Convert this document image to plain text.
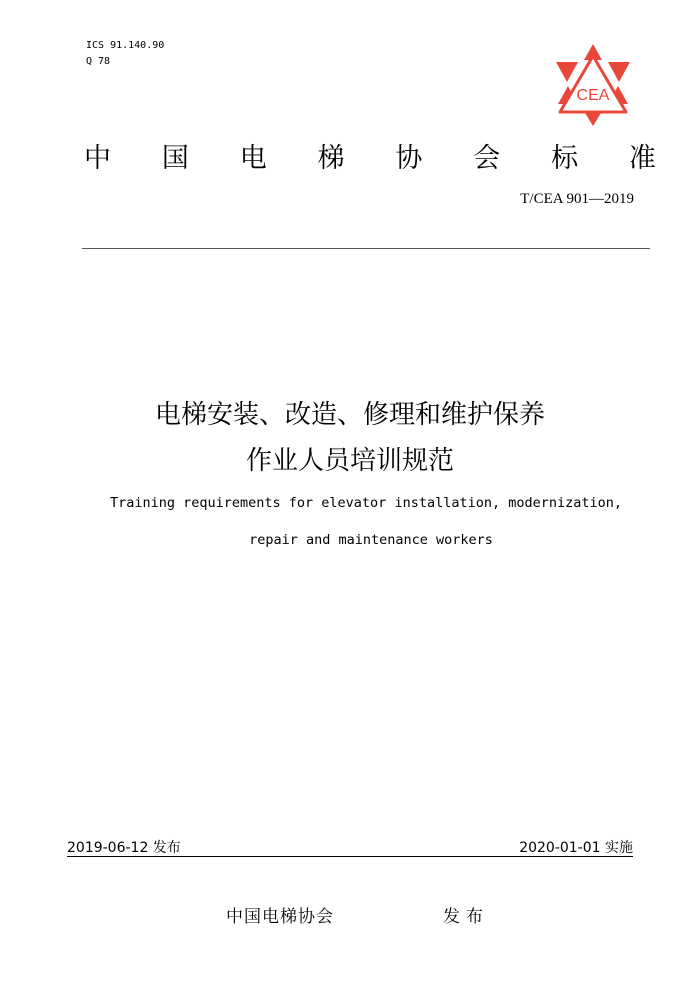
ICS 91.140.90
Q 78
CEA
中 国 电 梯 协 会 标 准
T/CEA 901—2019
电梯安装、改造、修理和维护保养
作业人员培训规范
Training requirements for elevator installation, modernization,
repair and maintenance workers
2019-06-12 发布	2020-01-01 实施
中国电梯协会	发布
